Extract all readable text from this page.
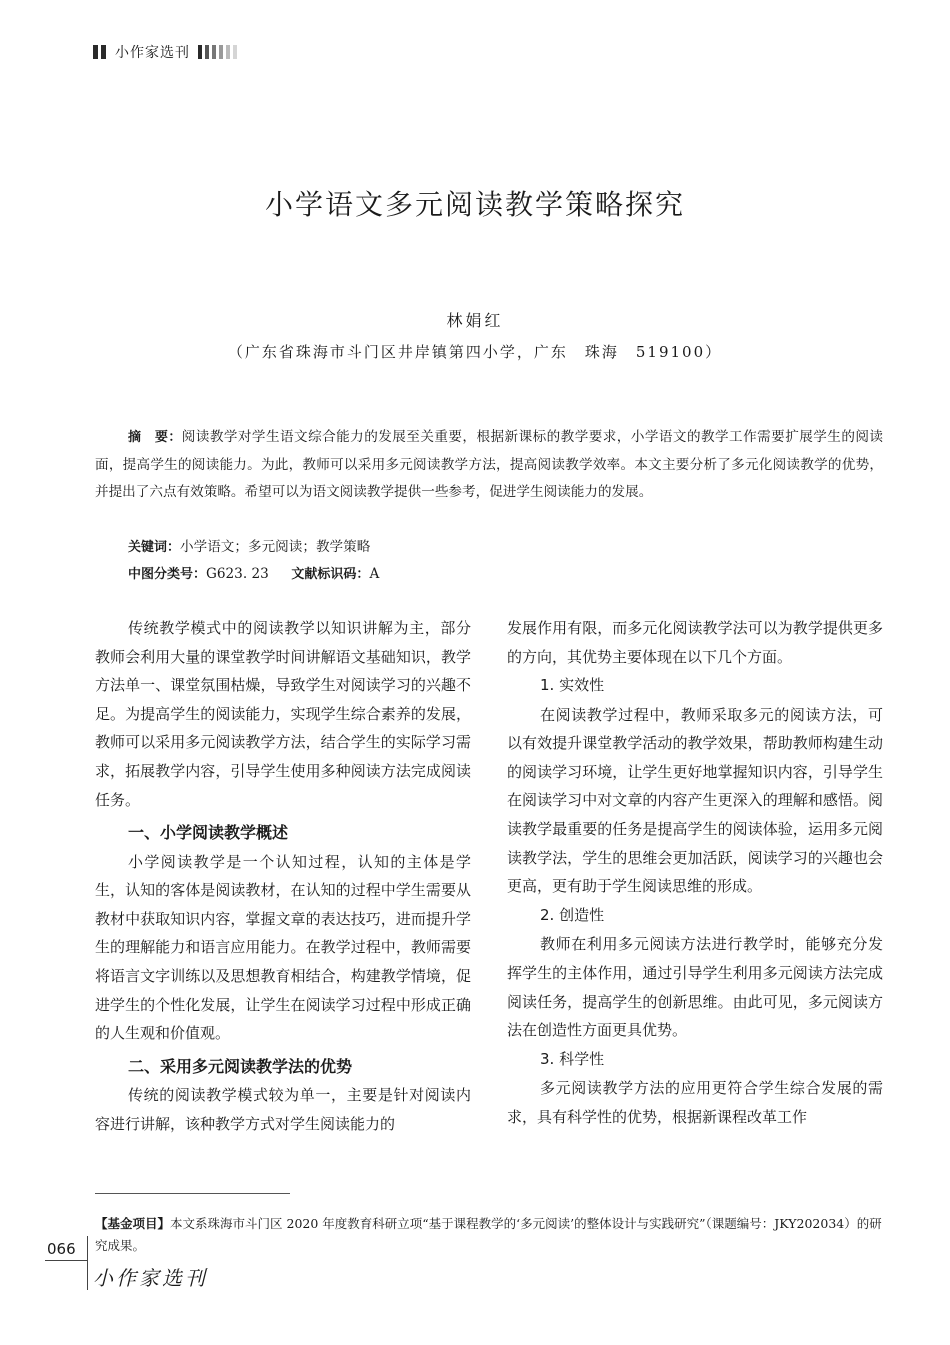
小作家选刊
小学语文多元阅读教学策略探究
林娟红
（广东省珠海市斗门区井岸镇第四小学，广东　珠海　519100）
摘　要：阅读教学对学生语文综合能力的发展至关重要，根据新课标的教学要求，小学语文的教学工作需要扩展学生的阅读面，提高学生的阅读能力。为此，教师可以采用多元阅读教学方法，提高阅读教学效率。本文主要分析了多元化阅读教学的优势，并提出了六点有效策略。希望可以为语文阅读教学提供一些参考，促进学生阅读能力的发展。
关键词：小学语文；多元阅读；教学策略
中图分类号：G623. 23 文献标识码：A

传统教学模式中的阅读教学以知识讲解为主，部分教师会利用大量的课堂教学时间讲解语文基础知识，教学方法单一、课堂氛围枯燥，导致学生对阅读学习的兴趣不足。为提高学生的阅读能力，实现学生综合素养的发展，教师可以采用多元阅读教学方法，结合学生的实际学习需求，拓展教学内容，引导学生使用多种阅读方法完成阅读任务。

一、小学阅读教学概述

小学阅读教学是一个认知过程，认知的主体是学生，认知的客体是阅读教材，在认知的过程中学生需要从教材中获取知识内容，掌握文章的表达技巧，进而提升学生的理解能力和语言应用能力。在教学过程中，教师需要将语言文字训练以及思想教育相结合，构建教学情境，促进学生的个性化发展，让学生在阅读学习过程中形成正确的人生观和价值观。

二、采用多元阅读教学法的优势

传统的阅读教学模式较为单一，主要是针对阅读内容进行讲解，该种教学方式对学生阅读能力的

发展作用有限，而多元化阅读教学法可以为教学提供更多的方向，其优势主要体现在以下几个方面。

1. 实效性

在阅读教学过程中，教师采取多元的阅读方法，可以有效提升课堂教学活动的教学效果，帮助教师构建生动的阅读学习环境，让学生更好地掌握知识内容，引导学生在阅读学习中对文章的内容产生更深入的理解和感悟。阅读教学最重要的任务是提高学生的阅读体验，运用多元阅读教学法，学生的思维会更加活跃，阅读学习的兴趣也会更高，更有助于学生阅读思维的形成。

2. 创造性

教师在利用多元阅读方法进行教学时，能够充分发挥学生的主体作用，通过引导学生利用多元阅读方法完成阅读任务，提高学生的创新思维。由此可见，多元阅读方法在创造性方面更具优势。

3. 科学性

多元阅读教学方法的应用更符合学生综合发展的需求，具有科学性的优势，根据新课程改革工作

【基金项目】本文系珠海市斗门区 2020 年度教育科研立项“基于课程教学的‘多元阅读’的整体设计与实践研究”（课题编号：JKY202034）的研究成果。
066
小作家选刊
